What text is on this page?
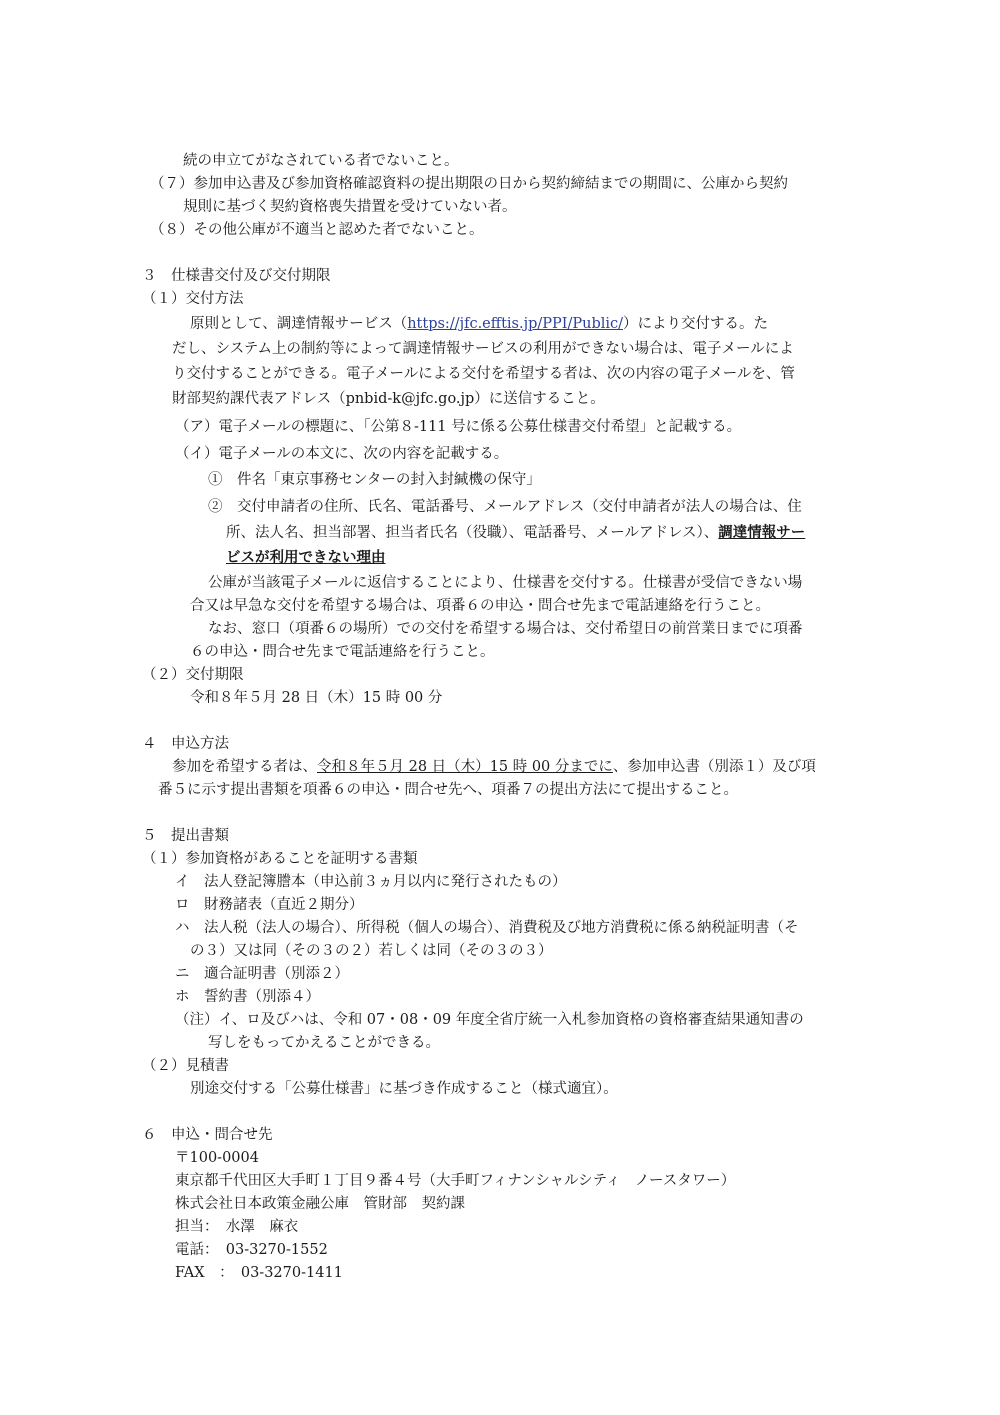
続の申立てがなされている者でないこと。
（７）参加申込書及び参加資格確認資料の提出期限の日から契約締結までの期間に、公庫から契約
規則に基づく契約資格喪失措置を受けていない者。
（８）その他公庫が不適当と認めた者でないこと。
３　仕様書交付及び交付期限
（１）交付方法
原則として、調達情報サービス（https://jfc.efftis.jp/PPI/Public/）により交付する。た
だし、システム上の制約等によって調達情報サービスの利用ができない場合は、電子メールによ
り交付することができる。電子メールによる交付を希望する者は、次の内容の電子メールを、管
財部契約課代表アドレス（pnbid-k@jfc.go.jp）に送信すること。
（ア）電子メールの標題に、「公第８-111 号に係る公募仕様書交付希望」と記載する。
（イ）電子メールの本文に、次の内容を記載する。
①　件名「東京事務センターの封入封緘機の保守」
②　交付申請者の住所、氏名、電話番号、メールアドレス（交付申請者が法人の場合は、住
所、法人名、担当部署、担当者氏名（役職）、電話番号、メールアドレス）、調達情報サー
ビスが利用できない理由
公庫が当該電子メールに返信することにより、仕様書を交付する。仕様書が受信できない場
合又は早急な交付を希望する場合は、項番６の申込・問合せ先まで電話連絡を行うこと。
なお、窓口（項番６の場所）での交付を希望する場合は、交付希望日の前営業日までに項番
６の申込・問合せ先まで電話連絡を行うこと。
（２）交付期限
令和８年５月 28 日（木）15 時 00 分
４　申込方法
参加を希望する者は、令和８年５月 28 日（木）15 時 00 分までに、参加申込書（別添１）及び項
番５に示す提出書類を項番６の申込・問合せ先へ、項番７の提出方法にて提出すること。
５　提出書類
（１）参加資格があることを証明する書類
イ　法人登記簿謄本（申込前３ヵ月以内に発行されたもの）
ロ　財務諸表（直近２期分）
ハ　法人税（法人の場合）、所得税（個人の場合）、消費税及び地方消費税に係る納税証明書（そ
の３）又は同（その３の２）若しくは同（その３の３）
ニ　適合証明書（別添２）
ホ　誓約書（別添４）
（注）イ、ロ及びハは、令和 07・08・09 年度全省庁統一入札参加資格の資格審査結果通知書の
写しをもってかえることができる。
（２）見積書
別途交付する「公募仕様書」に基づき作成すること（様式適宜）。
６　申込・問合せ先
〒100-0004
東京都千代田区大手町１丁目９番４号（大手町フィナンシャルシティ　ノースタワー）
株式会社日本政策金融公庫　管財部　契約課
担当：　水澤　麻衣
電話：　03-3270-1552
FAX　：　03-3270-1411
